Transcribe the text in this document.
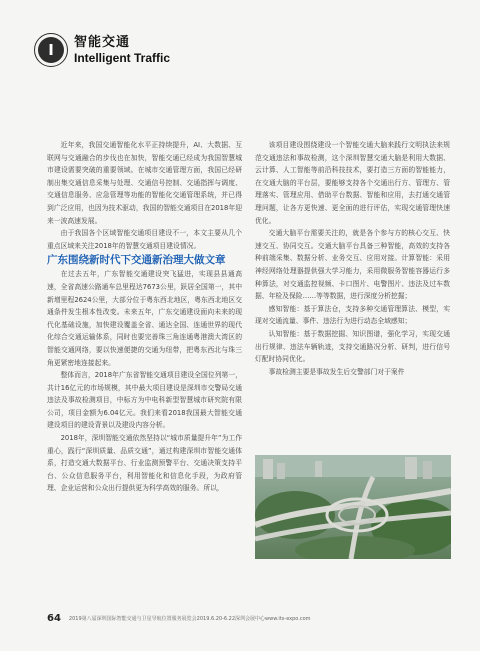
I	智能交通
Intelligent Traffic

近年来，我国交通智能化水平正持续提升，AI、大数据、互联网与交通融合的步伐也在加快，智能交通已经成为我国智慧城市建设需要突破的重要领域。在城市交通管理方面，我国已经研制出集交通信息采集与处理、交通信号控制、交通指挥与调度、交通信息服务、应急管理等功能的智能化交通管理系统，并已得到广泛应用，也因为技术驱动，我国的智能交通项目在2018年迎来一波高速发展。

由于我国各个区域智能交通项目建设不一，本文主要从几个重点区域来关注2018年的智慧交通项目建设情况。

广东围绕新时代下交通新治理大做文章

在过去五年，广东智能交通建设突飞猛进，实现县县通高速，全省高速公路通车总里程达7673公里，跃居全国第一，其中新增里程2624公里，大部分位于粤东西北地区，粤东西北地区交通条件发生根本性改变。未来五年，广东交通建设面向未来的现代化基础设施，加快建设覆盖全省、通达全国、连通世界的现代化综合交通运输体系，同时也要完善珠三角连通粤港澳大湾区的智能交通网络，要以快速便捷的交通为纽带，把粤东西北与珠三角更紧密地连接起来。

整体而言，2018年广东省智能交通项目建设全国位列第一，共计16亿元的市场规模，其中最大项目建设是深圳市交警局交通违法及事故检测项目，中标方为中电科新型智慧城市研究院有限公司，项目金额为6.04亿元。我们来看2018我国最大智能交通建设项目的建设背景以及建设内容分析。

2018年，深圳智能交通依然坚持以“城市质量提升年”为工作重心，践行“深圳质量、品质交通”，通过构建深圳市智能交通体系，打造交通大数据平台、行业监测预警平台、交通决策支持平台、公众信息服务平台，利用智能化和信息化手段，为政府管理、企业运营和公众出行提供更为科学高效的服务。所以，

该项目建设围绕建设一个智能交通大脑来践行文明执法来规范交通违法和事故检测，这个深圳智慧交通大脑是利用大数据、云计算、人工智能等前沿科技技术，要打造三方面的智能能力，在交通大脑的平台层，要能够支持各个交通出行方、管理方、管理落实、管理应用、借助平台数据、智能和应用，去打通交通管理问题，让各方更快速、更全面的进行评估，实现交通管理快速优化。

交通大脑平台需要关注的，就是各个参与方的核心交互、快速交互、协同交互。交通大脑平台具备三种智能，高效的支持各种前端采集、数据分析、业务交互、应用对接。计算智能：采用神经网络处理器提供强大学习能力，采用微服务智能容器运行多种算法，对交通监控视频、卡口图片、电警图片、违法及过车数据、年检及保险……等等数据，进行深度分析挖掘；

感知智能：基于算法仓，支持多种交通管理算法、模型，实现对交通流量、事件、违法行为进行动态全域感知；

认知智能：基于数据挖掘、知识图谱，强化学习，实现交通出行规律、违法车辆轨迹，支持交通路况分析、研判，进行信号灯配时协同优化。

事故检测主要是事故发生后交警部门对于案件

64 2019第八届深圳国际智能交通与卫星导航位置服务展览会2019.6.20-6.22深圳会展中心www.its-expo.com
